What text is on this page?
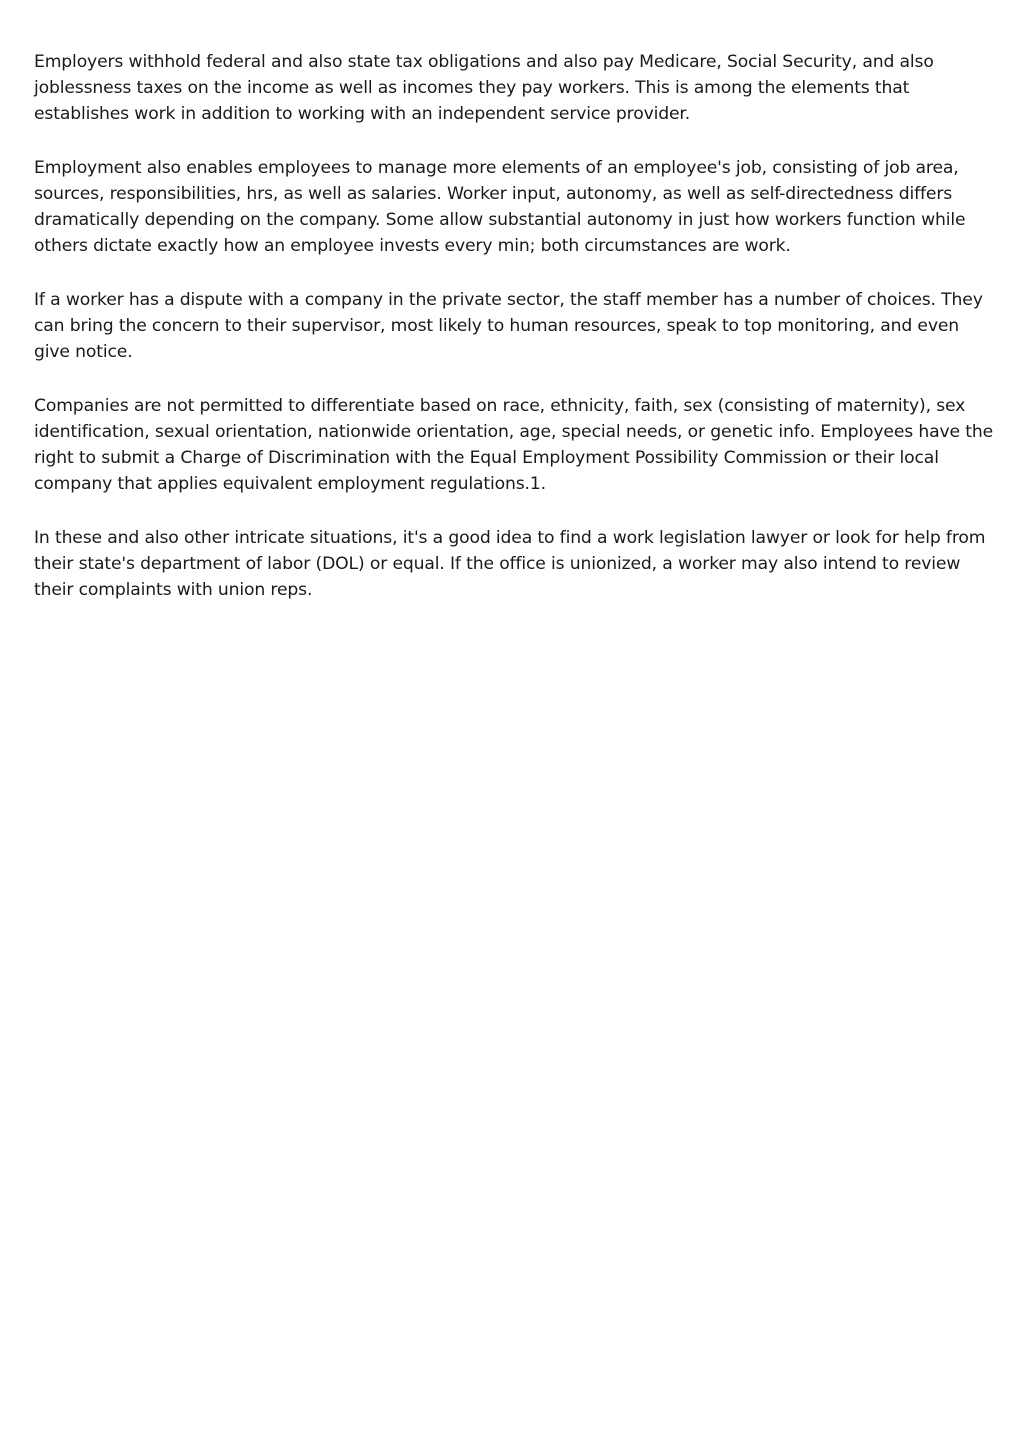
Employers withhold federal and also state tax obligations and also pay Medicare, Social Security, and also joblessness taxes on the income as well as incomes they pay workers. This is among the elements that establishes work in addition to working with an independent service provider.

Employment also enables employees to manage more elements of an employee's job, consisting of job area, sources, responsibilities, hrs, as well as salaries. Worker input, autonomy, as well as self-directedness differs dramatically depending on the company. Some allow substantial autonomy in just how workers function while others dictate exactly how an employee invests every min; both circumstances are work.

If a worker has a dispute with a company in the private sector, the staff member has a number of choices. They can bring the concern to their supervisor, most likely to human resources, speak to top monitoring, and even give notice.

Companies are not permitted to differentiate based on race, ethnicity, faith, sex (consisting of maternity), sex identification, sexual orientation, nationwide orientation, age, special needs, or genetic info. Employees have the right to submit a Charge of Discrimination with the Equal Employment Possibility Commission or their local company that applies equivalent employment regulations.1.

In these and also other intricate situations, it's a good idea to find a work legislation lawyer or look for help from their state's department of labor (DOL) or equal. If the office is unionized, a worker may also intend to review their complaints with union reps.
